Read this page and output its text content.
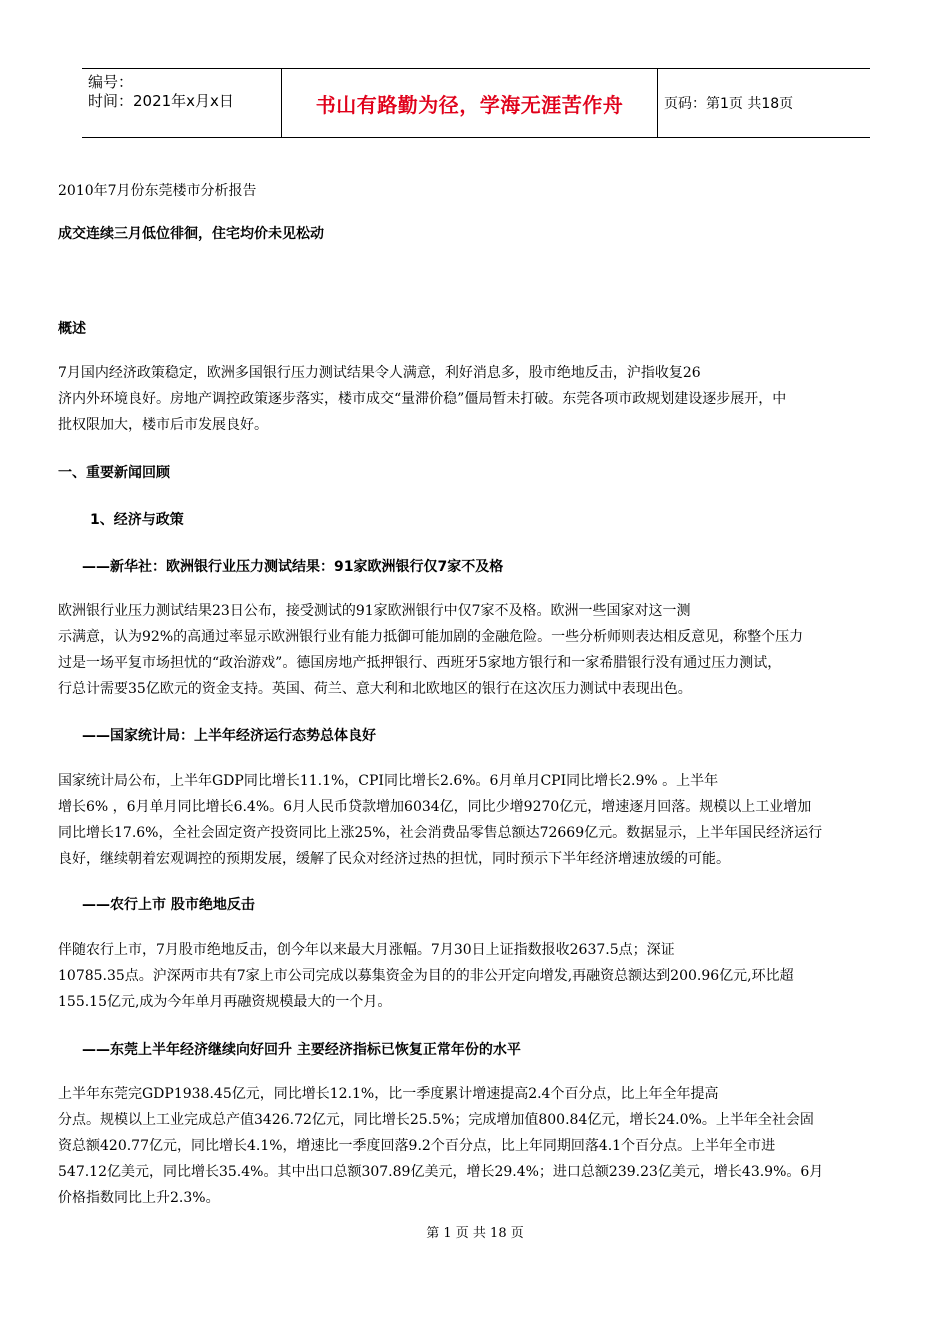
编号：
时间：2021年x月x日	书山有路勤为径，学海无涯苦作舟	页码：第1页 共18页
2010年7月份东莞楼市分析报告
成交连续三月低位徘徊，住宅均价未见松动
概述
7月国内经济政策稳定，欧洲多国银行压力测试结果令人满意，利好消息多，股市绝地反击，沪指收复26
济内外环境良好。房地产调控政策逐步落实，楼市成交“量滞价稳”僵局暂未打破。东莞各项市政规划建设逐步展开，中
批权限加大，楼市后市发展良好。
一、重要新闻回顾
1、经济与政策
——新华社：欧洲银行业压力测试结果：91家欧洲银行仅7家不及格
欧洲银行业压力测试结果23日公布，接受测试的91家欧洲银行中仅7家不及格。欧洲一些国家对这一测
示满意，认为92%的高通过率显示欧洲银行业有能力抵御可能加剧的金融危险。一些分析师则表达相反意见，称整个压力
过是一场平复市场担忧的“政治游戏”。德国房地产抵押银行、西班牙5家地方银行和一家希腊银行没有通过压力测试，
行总计需要35亿欧元的资金支持。英国、荷兰、意大利和北欧地区的银行在这次压力测试中表现出色。
——国家统计局：上半年经济运行态势总体良好
国家统计局公布，上半年GDP同比增长11.1%，CPI同比增长2.6%。6月单月CPI同比增长2.9% 。上半年
增长6% ，6月单月同比增长6.4%。6月人民币贷款增加6034亿，同比少增9270亿元，增速逐月回落。规模以上工业增加
同比增长17.6%，全社会固定资产投资同比上涨25%，社会消费品零售总额达72669亿元。数据显示，上半年国民经济运行
良好，继续朝着宏观调控的预期发展，缓解了民众对经济过热的担忧，同时预示下半年经济增速放缓的可能。
——农行上市 股市绝地反击
伴随农行上市，7月股市绝地反击，创今年以来最大月涨幅。7月30日上证指数报收2637.5点；深证
10785.35点。沪深两市共有7家上市公司完成以募集资金为目的的非公开定向增发,再融资总额达到200.96亿元,环比超
155.15亿元,成为今年单月再融资规模最大的一个月。
——东莞上半年经济继续向好回升 主要经济指标已恢复正常年份的水平
上半年东莞完GDP1938.45亿元，同比增长12.1%，比一季度累计增速提高2.4个百分点，比上年全年提高
分点。规模以上工业完成总产值3426.72亿元，同比增长25.5%；完成增加值800.84亿元，增长24.0%。上半年全社会固
资总额420.77亿元，同比增长4.1%，增速比一季度回落9.2个百分点，比上年同期回落4.1个百分点。上半年全市进
547.12亿美元，同比增长35.4%。其中出口总额307.89亿美元，增长29.4%；进口总额239.23亿美元，增长43.9%。6月
价格指数同比上升2.3%。
第 1 页 共 18 页
